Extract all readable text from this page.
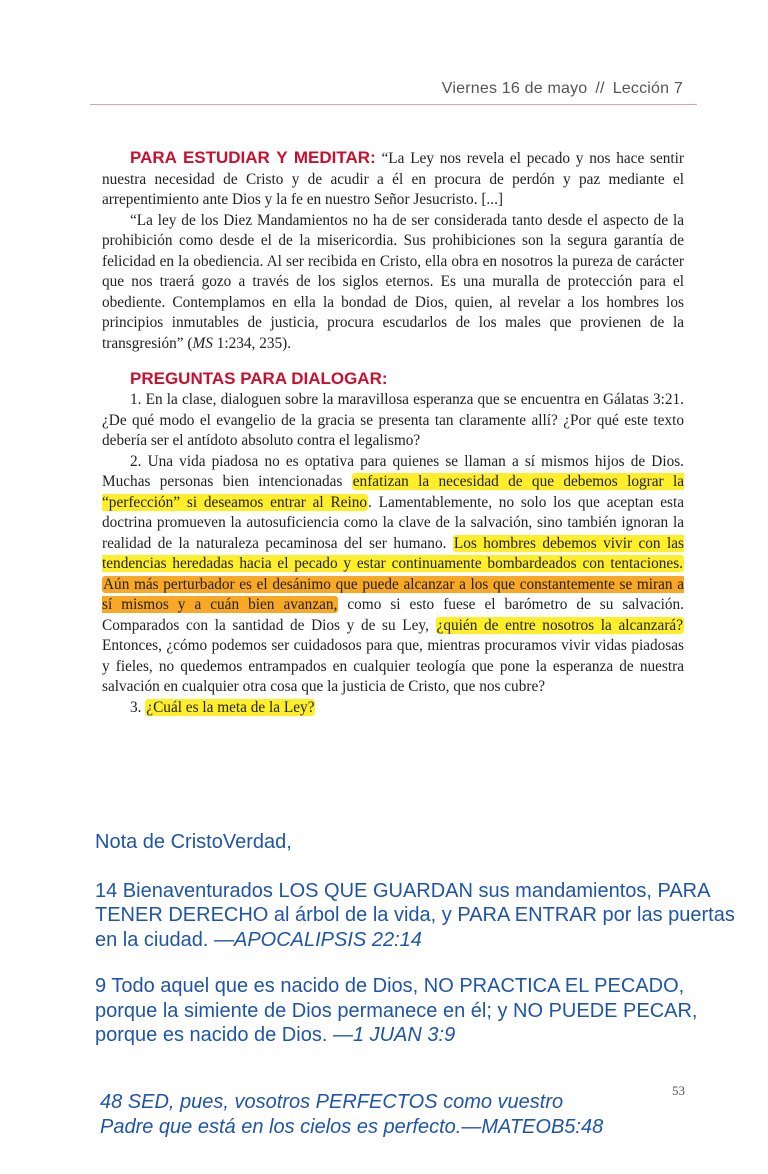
Viernes 16 de mayo // Lección 7

PARA ESTUDIAR Y MEDITAR: “La Ley nos revela el pecado y nos hace sentir nuestra necesidad de Cristo y de acudir a él en procura de perdón y paz mediante el arrepentimiento ante Dios y la fe en nuestro Señor Jesucristo. [...]

“La ley de los Diez Mandamientos no ha de ser considerada tanto desde el aspecto de la prohibición como desde el de la misericordia. Sus prohibiciones son la segura garantía de felicidad en la obediencia. Al ser recibida en Cristo, ella obra en nosotros la pureza de carácter que nos traerá gozo a través de los siglos eternos. Es una muralla de protección para el obediente. Contemplamos en ella la bondad de Dios, quien, al revelar a los hombres los principios inmutables de justicia, procura escudarlos de los males que provienen de la transgresión” (MS 1:234, 235).

PREGUNTAS PARA DIALOGAR:

1. En la clase, dialoguen sobre la maravillosa esperanza que se encuentra en Gálatas 3:21. ¿De qué modo el evangelio de la gracia se presenta tan claramente allí? ¿Por qué este texto debería ser el antídoto absoluto contra el legalismo?

2. Una vida piadosa no es optativa para quienes se llaman a sí mismos hijos de Dios. Muchas personas bien intencionadas enfatizan la necesidad de que debemos lograr la “perfección” si deseamos entrar al Reino. Lamentablemente, no solo los que aceptan esta doctrina promueven la autosuficiencia como la clave de la salvación, sino también ignoran la realidad de la naturaleza pecaminosa del ser humano. Los hombres debemos vivir con las tendencias heredadas hacia el pecado y estar continuamente bombardeados con tentaciones. Aún más perturbador es el desánimo que puede alcanzar a los que constantemente se miran a sí mismos y a cuán bien avanzan, como si esto fuese el barómetro de su salvación. Comparados con la santidad de Dios y de su Ley, ¿quién de entre nosotros la alcanzará? Entonces, ¿cómo podemos ser cuidadosos para que, mientras procuramos vivir vidas piadosas y fieles, no quedemos entrampados en cualquier teología que pone la esperanza de nuestra salvación en cualquier otra cosa que la justicia de Cristo, que nos cubre?

3. ¿Cuál es la meta de la Ley?

Nota de CristoVerdad,

14 Bienaventurados LOS QUE GUARDAN sus mandamientos, PARA TENER DERECHO al árbol de la vida, y PARA ENTRAR por las puertas en la ciudad. —APOCALIPSIS 22:14

9 Todo aquel que es nacido de Dios, NO PRACTICA EL PECADO, porque la simiente de Dios permanece en él; y NO PUEDE PECAR, porque es nacido de Dios. —1 JUAN 3:9

53

48 SED, pues, vosotros PERFECTOS como vuestro

Padre que está en los cielos es perfecto.—MATEOB5:48
